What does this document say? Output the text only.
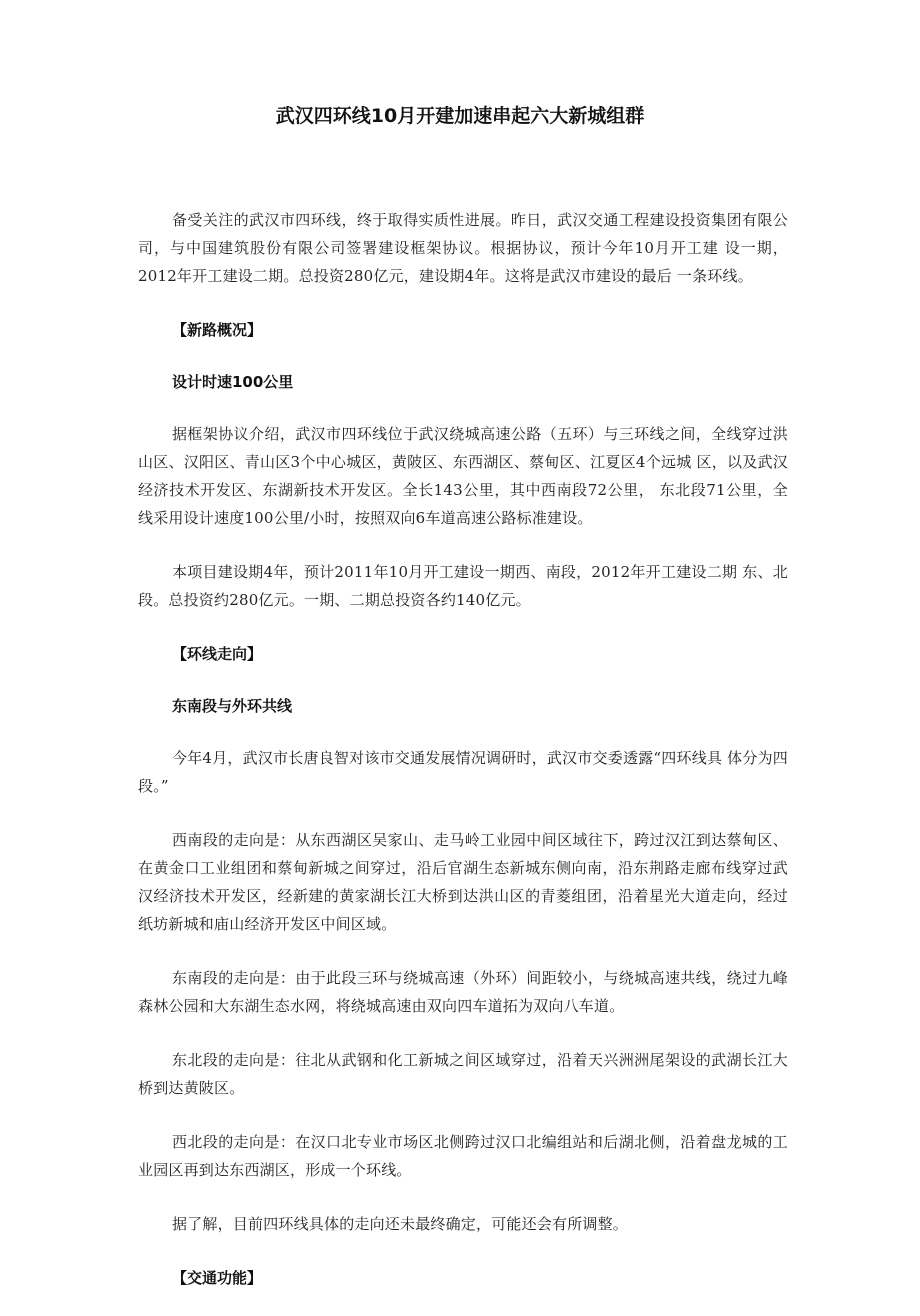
武汉四环线10月开建加速串起六大新城组群

备受关注的武汉市四环线，终于取得实质性进展。昨日，武汉交通工程建设投资集团有限公司，与中国建筑股份有限公司签署建设框架协议。根据协议，预计今年10月开工建 设一期，2012年开工建设二期。总投资280亿元，建设期4年。这将是武汉市建设的最后 一条环线。

【新路概况】
设计时速100公里

据框架协议介绍，武汉市四环线位于武汉绕城高速公路（五环）与三环线之间，全线穿过洪山区、汉阳区、青山区3个中心城区，黄陂区、东西湖区、蔡甸区、江夏区4个远城 区，以及武汉经济技术开发区、东湖新技术开发区。全长143公里，其中西南段72公里， 东北段71公里，全线采用设计速度100公里/小时，按照双向6车道高速公路标准建设。

本项目建设期4年，预计2011年10月开工建设一期西、南段，2012年开工建设二期 东、北段。总投资约280亿元。一期、二期总投资各约140亿元。

【环线走向】
东南段与外环共线

今年4月，武汉市长唐良智对该市交通发展情况调研时，武汉市交委透露“四环线具 体分为四段。”

西南段的走向是：从东西湖区吴家山、走马岭工业园中间区域往下，跨过汉江到达蔡甸区、在黄金口工业组团和蔡甸新城之间穿过，沿后官湖生态新城东侧向南，沿东荆路走廊布线穿过武汉经济技术开发区，经新建的黄家湖长江大桥到达洪山区的青菱组团，沿着星光大道走向，经过纸坊新城和庙山经济开发区中间区域。

东南段的走向是：由于此段三环与绕城高速（外环）间距较小，与绕城高速共线，绕过九峰森林公园和大东湖生态水网，将绕城高速由双向四车道拓为双向八车道。

东北段的走向是：往北从武钢和化工新城之间区域穿过，沿着天兴洲洲尾架设的武湖长江大桥到达黄陂区。

西北段的走向是：在汉口北专业市场区北侧跨过汉口北编组站和后湖北侧，沿着盘龙城的工业园区再到达东西湖区，形成一个环线。

据了解，目前四环线具体的走向还未最终确定，可能还会有所调整。

【交通功能】
